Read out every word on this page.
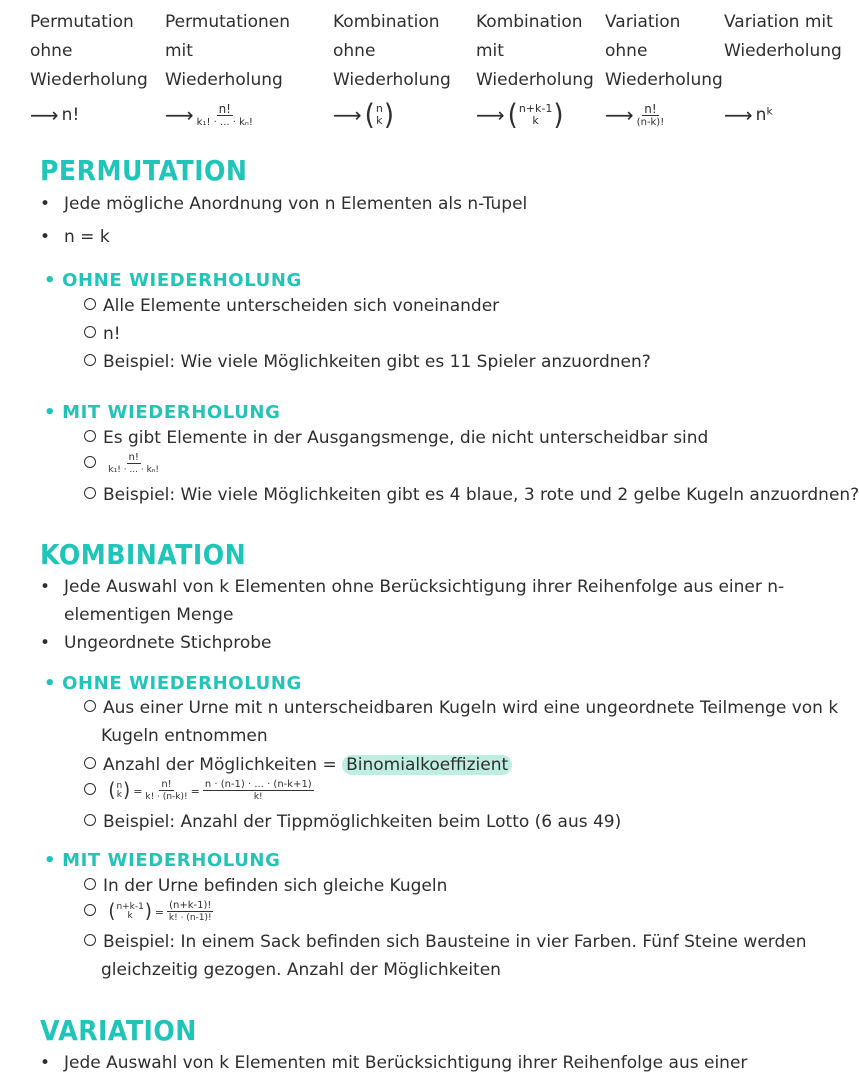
Permutation
ohne
Wiederholung
⟶ n!
Permutationen
mit
Wiederholung
⟶ $\frac{n!}{\text{k₁! · ... · kₙ!}}$
Kombination
ohne
Wiederholung
⟶ ( n
k )
Kombination
mit
Wiederholung
⟶ ( n+k-1
k )
Variation
ohne
Wiederholung
⟶ $\frac{n!}{(n-k)!}$
Variation mit
Wiederholung
⟶ nᵏ
PERMUTATION
• Jede mögliche Anordnung von n Elementen als n-Tupel
• n = k
• OHNE WIEDERHOLUNG
Alle Elemente unterscheiden sich voneinander
n!
Beispiel: Wie viele Möglichkeiten gibt es 11 Spieler anzuordnen?
• MIT WIEDERHOLUNG
Es gibt Elemente in der Ausgangsmenge, die nicht unterscheidbar sind

$\frac{n!}{\text{k₁! · ... · kₙ!}}$
Beispiel: Wie viele Möglichkeiten gibt es 4 blaue, 3 rote und 2 gelbe Kugeln anzuordnen?
KOMBINATION
• Jede Auswahl von k Elementen ohne Berücksichtigung ihrer Reihenfolge aus einer n-
elementigen Menge
• Ungeordnete Stichprobe
• OHNE WIEDERHOLUNG
Aus einer Urne mit n unterscheidbaren Kugeln wird eine ungeordnete Teilmenge von k
Kugeln entnommen
Anzahl der Möglichkeiten = Binomialkoeffizient

( n
k ) = $\frac{n!}{k! \cdot (n-k)!} = \frac{n \cdot (n-1) \cdot ... \cdot (n-k+1)}{k!}$
Beispiel: Anzahl der Tippmöglichkeiten beim Lotto (6 aus 49)
• MIT WIEDERHOLUNG
In der Urne befinden sich gleiche Kugeln

( n+k-1
k ) = $\frac{(n+k-1)!}{k! \cdot (n-1)!}$
Beispiel: In einem Sack befinden sich Bausteine in vier Farben. Fünf Steine werden
gleichzeitig gezogen. Anzahl der Möglichkeiten
VARIATION
• Jede Auswahl von k Elementen mit Berücksichtigung ihrer Reihenfolge aus einer
